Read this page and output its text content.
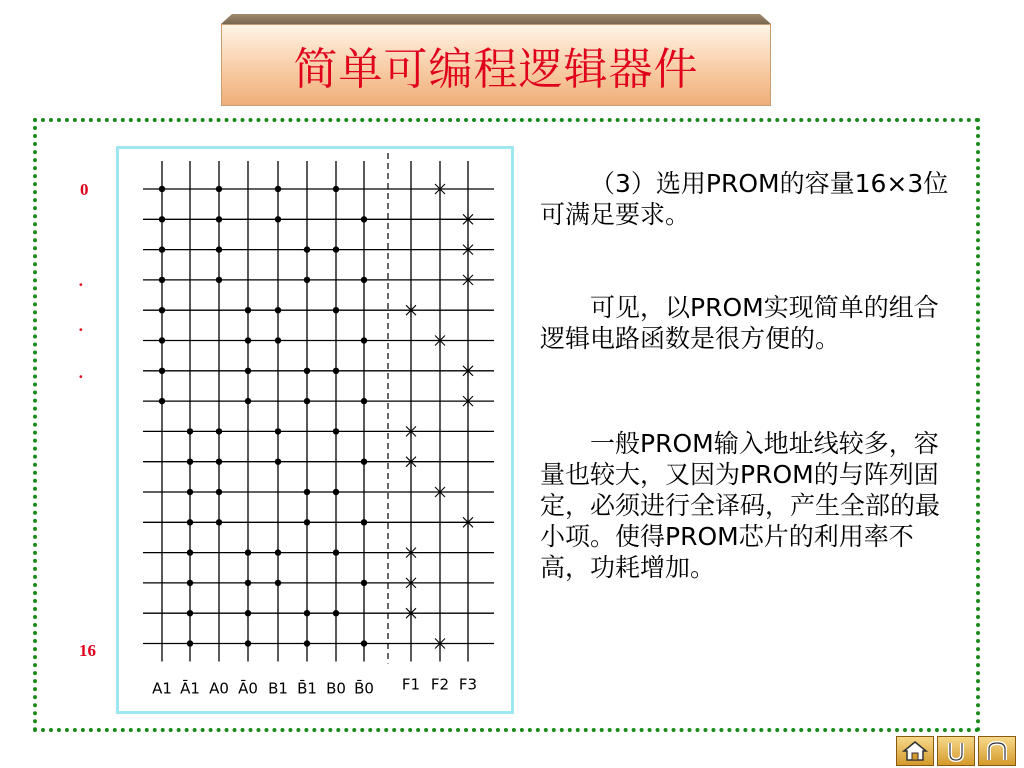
简单可编程逻辑器件
0
·
·
·
16
A1 Ā1 A0 Ā0 B1 B̄1 B0 B̄0 F1 F2 F3
（3）选用PROM的容量16×3位可满足要求。
可见，以PROM实现简单的组合逻辑电路函数是很方便的。
一般PROM输入地址线较多，容量也较大，又因为PROM的与阵列固定，必须进行全译码，产生全部的最小项。使得PROM芯片的利用率不高，功耗增加。
